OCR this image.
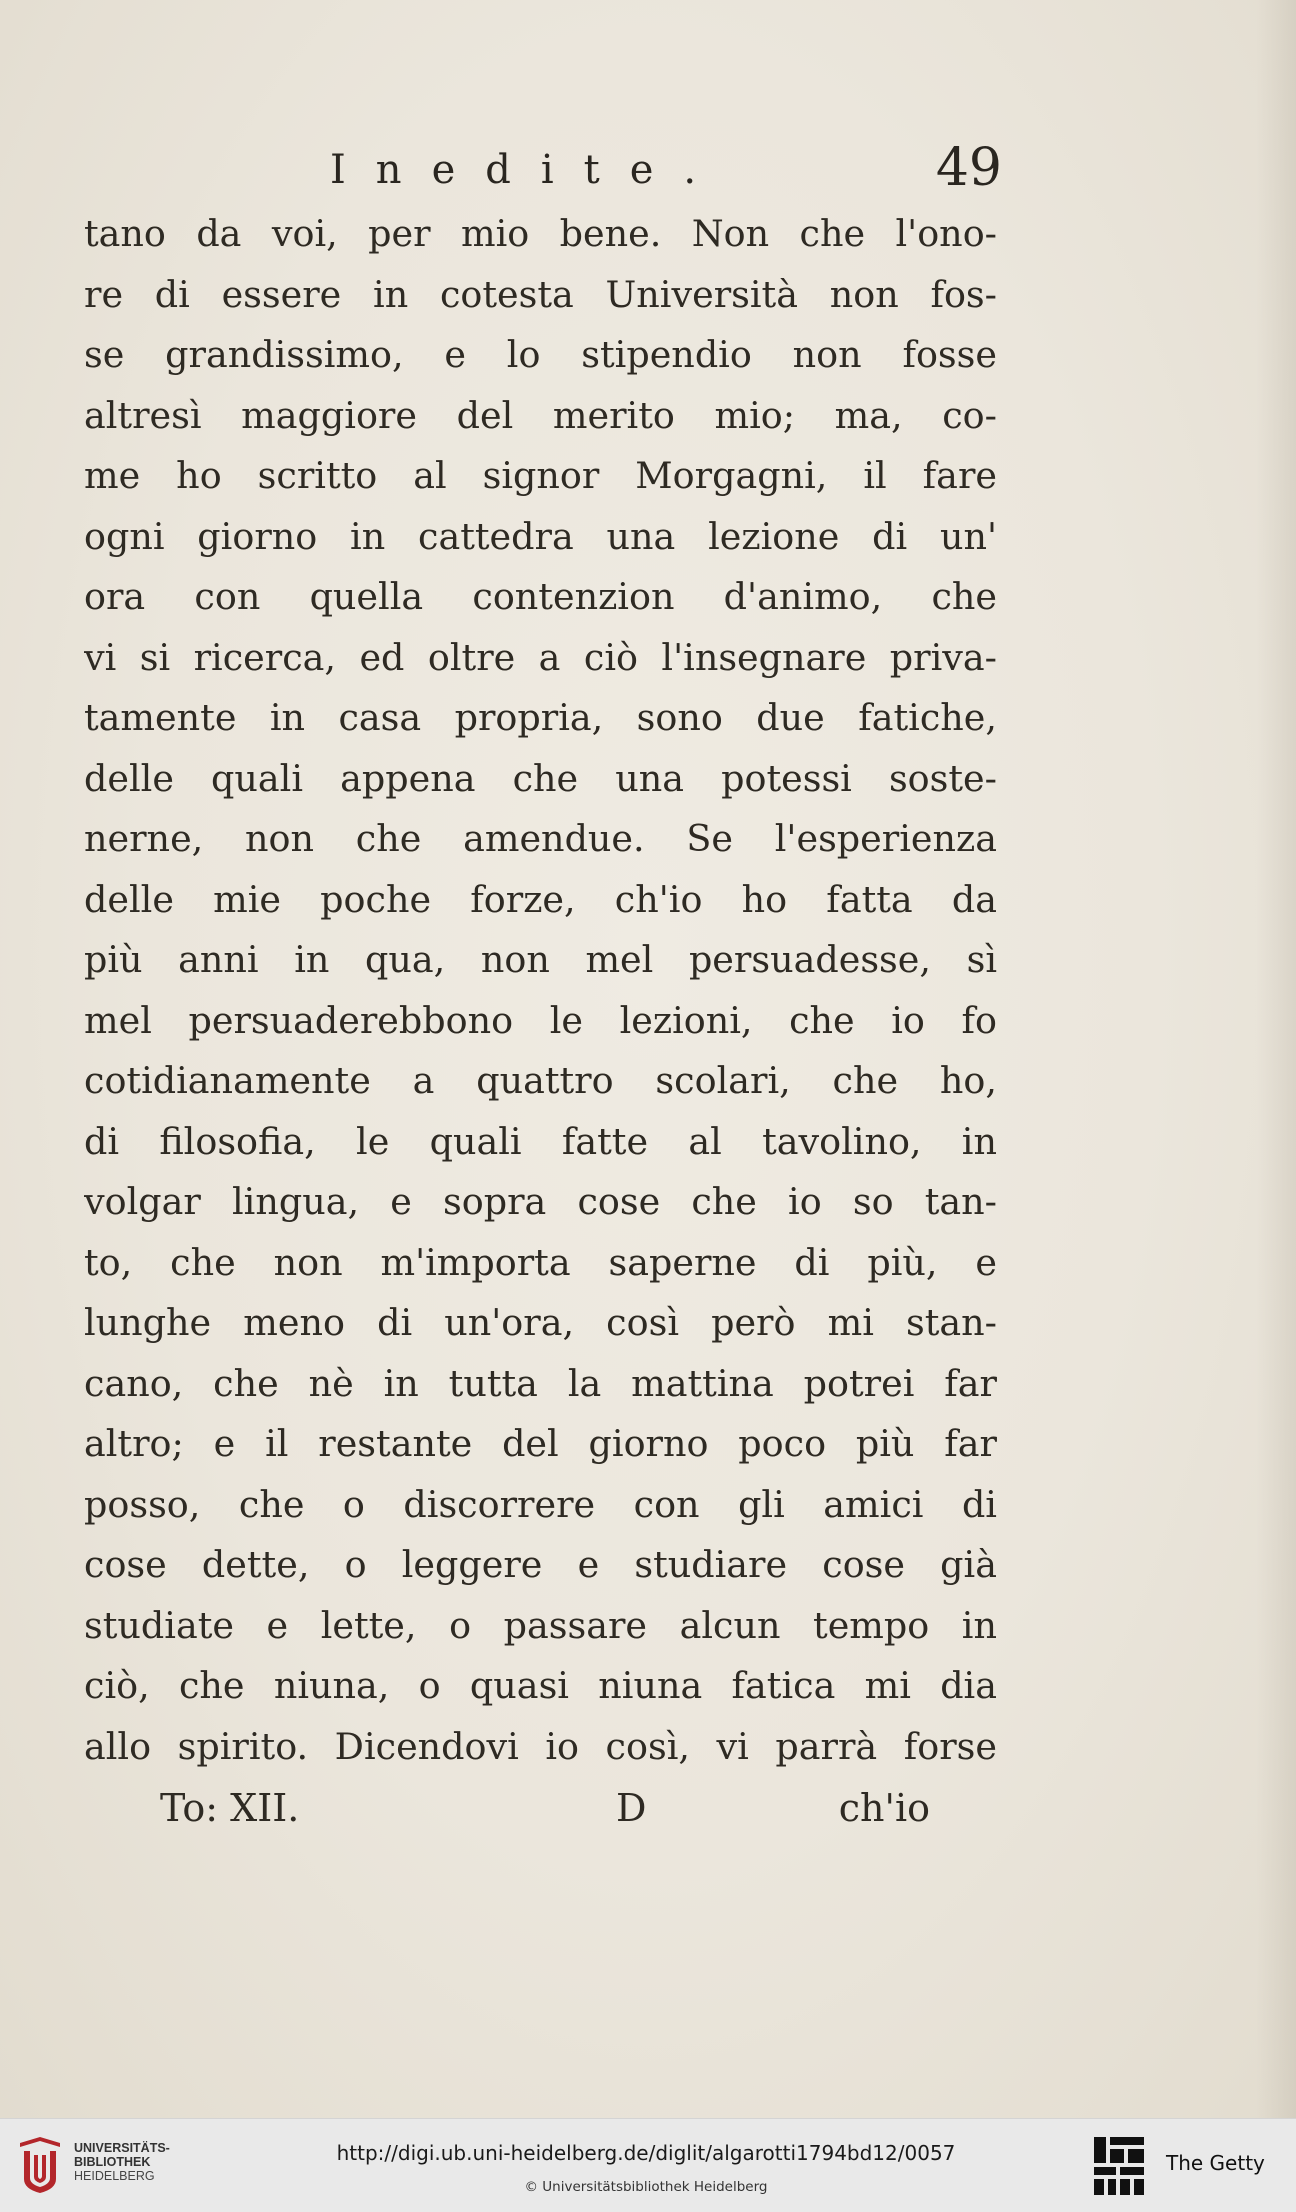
Inedite.	49
tano da voi, per mio bene. Non che l'ono-
re di essere in cotesta Università non fos-
se grandissimo, e lo stipendio non fosse
altresì maggiore del merito mio; ma, co-
me ho scritto al signor Morgagni, il fare
ogni giorno in cattedra una lezione di un'
ora con quella contenzion d'animo, che
vi si ricerca, ed oltre a ciò l'insegnare priva-
tamente in casa propria, sono due fatiche,
delle quali appena che una potessi soste-
nerne, non che amendue. Se l'esperienza
delle mie poche forze, ch'io ho fatta da
più anni in qua, non mel persuadesse, sì
mel persuaderebbono le lezioni, che io fo
cotidianamente a quattro scolari, che ho,
di filosofia, le quali fatte al tavolino, in
volgar lingua, e sopra cose che io so tan-
to, che non m'importa saperne di più, e
lunghe meno di un'ora, così però mi stan-
cano, che nè in tutta la mattina potrei far
altro; e il restante del giorno poco più far
posso, che o discorrere con gli amici di
cose dette, o leggere e studiare cose già
studiate e lette, o passare alcun tempo in
ciò, che niuna, o quasi niuna fatica mi dia
allo spirito. Dicendovi io così, vi parrà forse
To: XII.	D	ch'io
UNIVERSITÄTS-
BIBLIOTHEK
HEIDELBERG
http://digi.ub.uni-heidelberg.de/diglit/algarotti1794bd12/0057
© Universitätsbibliothek Heidelberg
The Getty
